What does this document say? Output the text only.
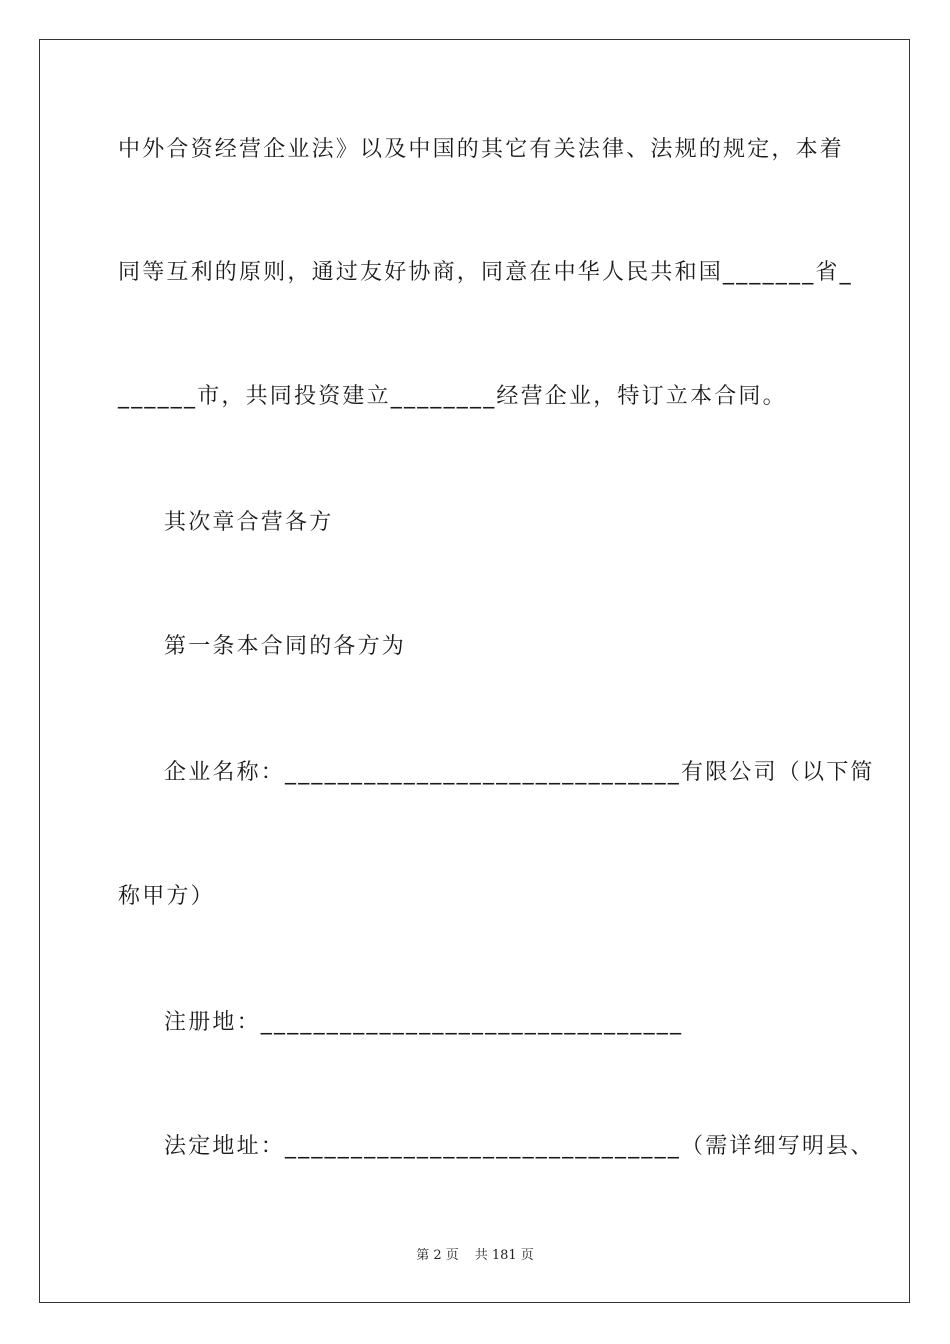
中外合资经营企业法》以及中国的其它有关法律、法规的规定，本着
同等互利的原则，通过友好协商，同意在中华人民共和国_______省_
______市，共同投资建立________经营企业，特订立本合同。
其次章合营各方
第一条本合同的各方为
企业名称：______________________________有限公司（以下简
称甲方）
注册地：________________________________
法定地址：______________________________（需详细写明县、
第 2 页 共 181 页
